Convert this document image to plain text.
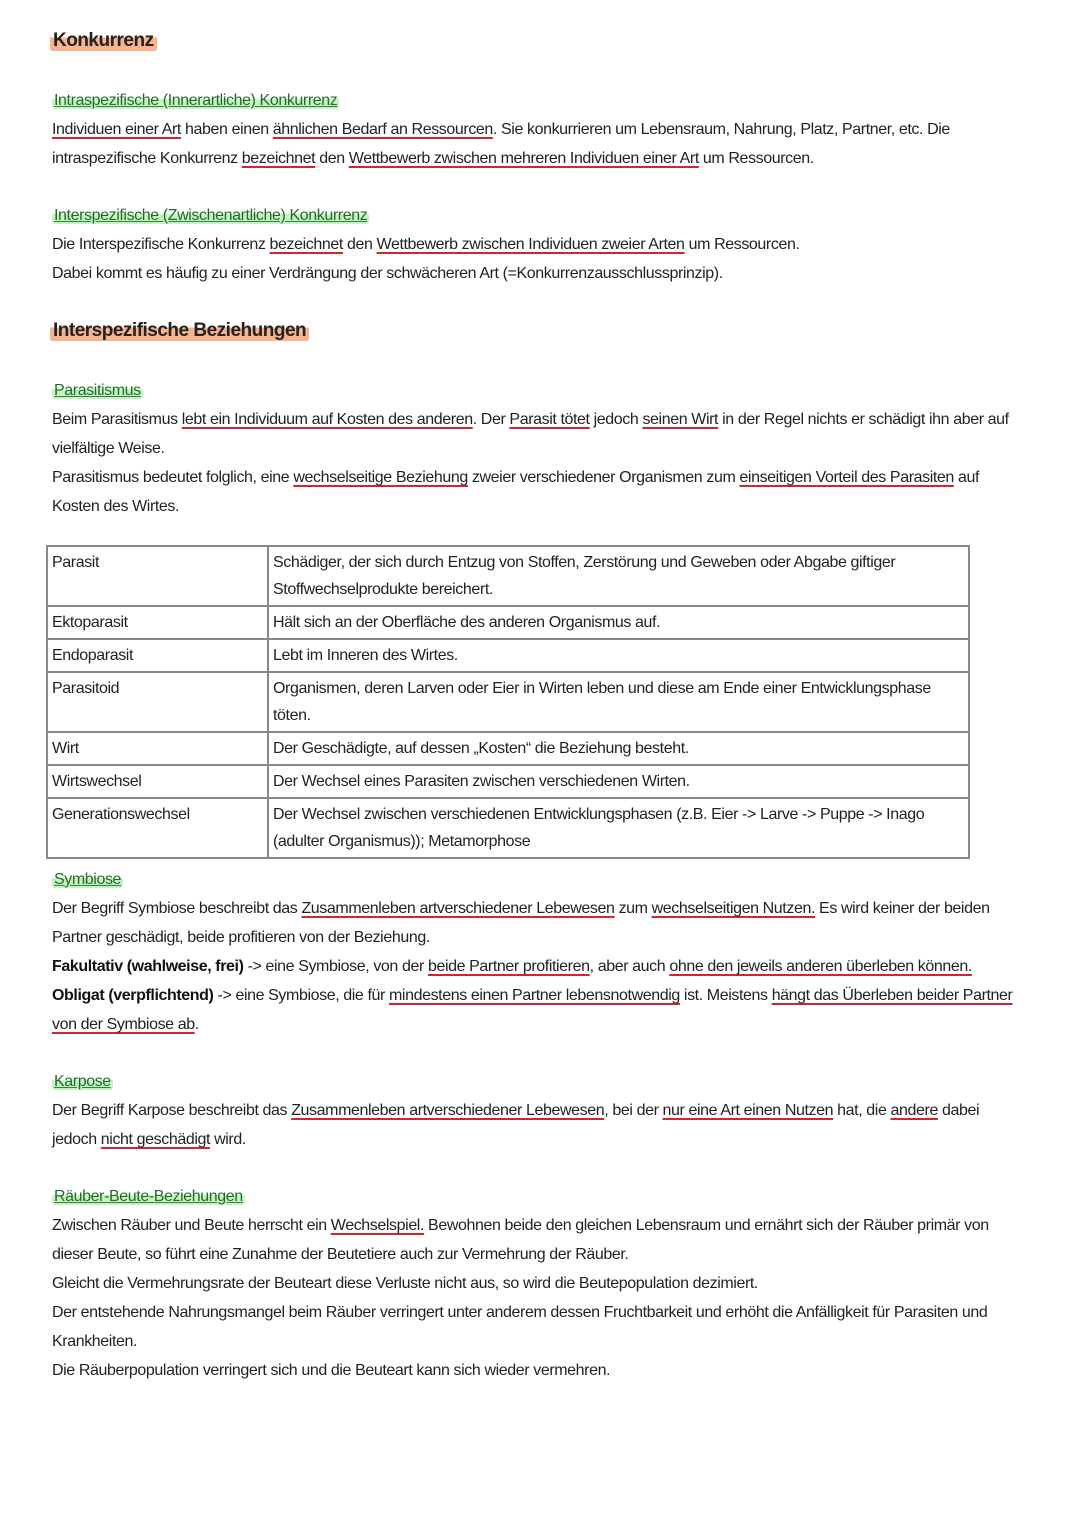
Konkurrenz
Intraspezifische (Innerartliche) Konkurrenz
Individuen einer Art haben einen ähnlichen Bedarf an Ressourcen. Sie konkurrieren um Lebensraum, Nahrung, Platz, Partner, etc. Die intraspezifische Konkurrenz bezeichnet den Wettbewerb zwischen mehreren Individuen einer Art um Ressourcen.
Interspezifische (Zwischenartliche) Konkurrenz
Die Interspezifische Konkurrenz bezeichnet den Wettbewerb zwischen Individuen zweier Arten um Ressourcen.
Dabei kommt es häufig zu einer Verdrängung der schwächeren Art (=Konkurrenzausschlussprinzip).
Interspezifische Beziehungen
Parasitismus
Beim Parasitismus lebt ein Individuum auf Kosten des anderen. Der Parasit tötet jedoch seinen Wirt in der Regel nichts er schädigt ihn aber auf vielfältige Weise.
Parasitismus bedeutet folglich, eine wechselseitige Beziehung zweier verschiedener Organismen zum einseitigen Vorteil des Parasiten auf Kosten des Wirtes.
Parasit	Schädiger, der sich durch Entzug von Stoffen, Zerstörung und Geweben oder Abgabe giftiger Stoffwechselprodukte bereichert.
Ektoparasit	Hält sich an der Oberfläche des anderen Organismus auf.
Endoparasit	Lebt im Inneren des Wirtes.
Parasitoid	Organismen, deren Larven oder Eier in Wirten leben und diese am Ende einer Entwicklungsphase töten.
Wirt	Der Geschädigte, auf dessen „Kosten“ die Beziehung besteht.
Wirtswechsel	Der Wechsel eines Parasiten zwischen verschiedenen Wirten.
Generationswechsel	Der Wechsel zwischen verschiedenen Entwicklungsphasen (z.B. Eier -> Larve -> Puppe -> Inago (adulter Organismus)); Metamorphose
Symbiose
Der Begriff Symbiose beschreibt das Zusammenleben artverschiedener Lebewesen zum wechselseitigen Nutzen. Es wird keiner der beiden Partner geschädigt, beide profitieren von der Beziehung.
Fakultativ (wahlweise, frei) -> eine Symbiose, von der beide Partner profitieren, aber auch ohne den jeweils anderen überleben können.
Obligat (verpflichtend) -> eine Symbiose, die für mindestens einen Partner lebensnotwendig ist. Meistens hängt das Überleben beider Partner von der Symbiose ab.
Karpose
Der Begriff Karpose beschreibt das Zusammenleben artverschiedener Lebewesen, bei der nur eine Art einen Nutzen hat, die andere dabei jedoch nicht geschädigt wird.
Räuber-Beute-Beziehungen
Zwischen Räuber und Beute herrscht ein Wechselspiel. Bewohnen beide den gleichen Lebensraum und ernährt sich der Räuber primär von dieser Beute, so führt eine Zunahme der Beutetiere auch zur Vermehrung der Räuber.
Gleicht die Vermehrungsrate der Beuteart diese Verluste nicht aus, so wird die Beutepopulation dezimiert.
Der entstehende Nahrungsmangel beim Räuber verringert unter anderem dessen Fruchtbarkeit und erhöht die Anfälligkeit für Parasiten und Krankheiten.
Die Räuberpopulation verringert sich und die Beuteart kann sich wieder vermehren.
